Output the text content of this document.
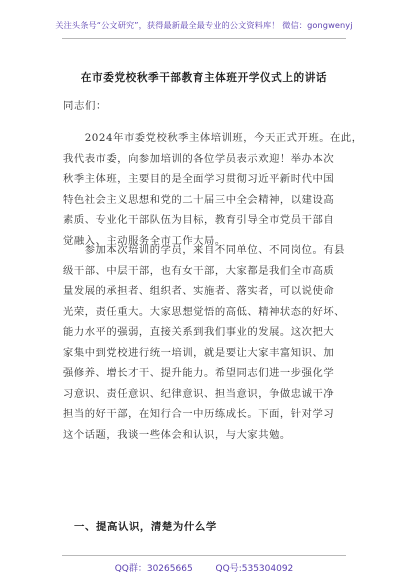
关注头条号“公文研究”，获得最新最全最专业的公文资料库！ 微信：gongwenyj
在市委党校秋季干部教育主体班开学仪式上的讲话
同志们：
　　2024年市委党校秋季主体培训班，今天正式开班。在此，
我代表市委，向参加培训的各位学员表示欢迎！举办本次
秋季主体班，主要目的是全面学习贯彻习近平新时代中国
特色社会主义思想和党的二十届三中全会精神，以建设高
素质、专业化干部队伍为目标，教育引导全市党员干部自
觉融入、主动服务全市工作大局。
　　参加本次培训的学员，来自不同单位、不同岗位。有县
级干部、中层干部，也有女干部，大家都是我们全市高质
量发展的承担者、组织者、实施者、落实者，可以说使命
光荣，责任重大。大家思想觉悟的高低、精神状态的好坏、
能力水平的强弱，直接关系到我们事业的发展。这次把大
家集中到党校进行统一培训，就是要让大家丰富知识、加
强修养、增长才干、提升能力。希望同志们进一步强化学
习意识、责任意识、纪律意识、担当意识，争做忠诚干净
担当的好干部，在知行合一中历练成长。下面，针对学习
这个话题，我谈一些体会和认识，与大家共勉。
　一、提高认识，清楚为什么学
QQ群：30265665	QQ号:535304092
